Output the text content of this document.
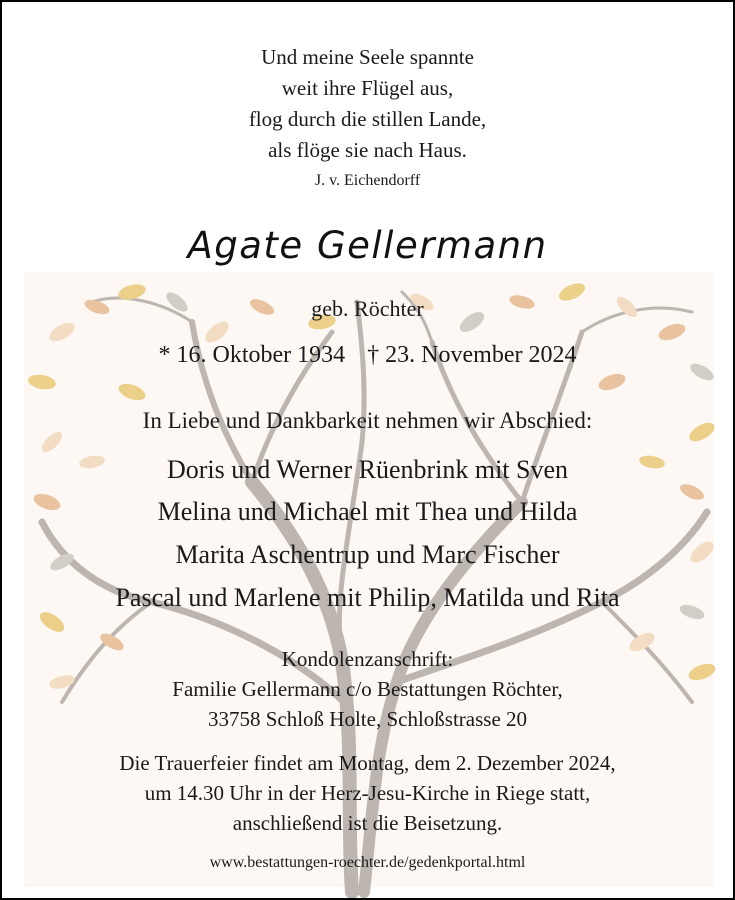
Und meine Seele spannte
weit ihre Flügel aus,
flog durch die stillen Lande,
als flöge sie nach Haus.
J. v. Eichendorff
Agate Gellermann
geb. Röchter
* 16. Oktober 1934 † 23. November 2024
In Liebe und Dankbarkeit nehmen wir Abschied:
Doris und Werner Rüenbrink mit Sven
Melina und Michael mit Thea und Hilda
Marita Aschentrup und Marc Fischer
Pascal und Marlene mit Philip, Matilda und Rita
Kondolenzanschrift:
Familie Gellermann c/o Bestattungen Röchter,
33758 Schloß Holte, Schloßstrasse 20
Die Trauerfeier findet am Montag, dem 2. Dezember 2024,
um 14.30 Uhr in der Herz-Jesu-Kirche in Riege statt,
anschließend ist die Beisetzung.
www.bestattungen-roechter.de/gedenkportal.html
